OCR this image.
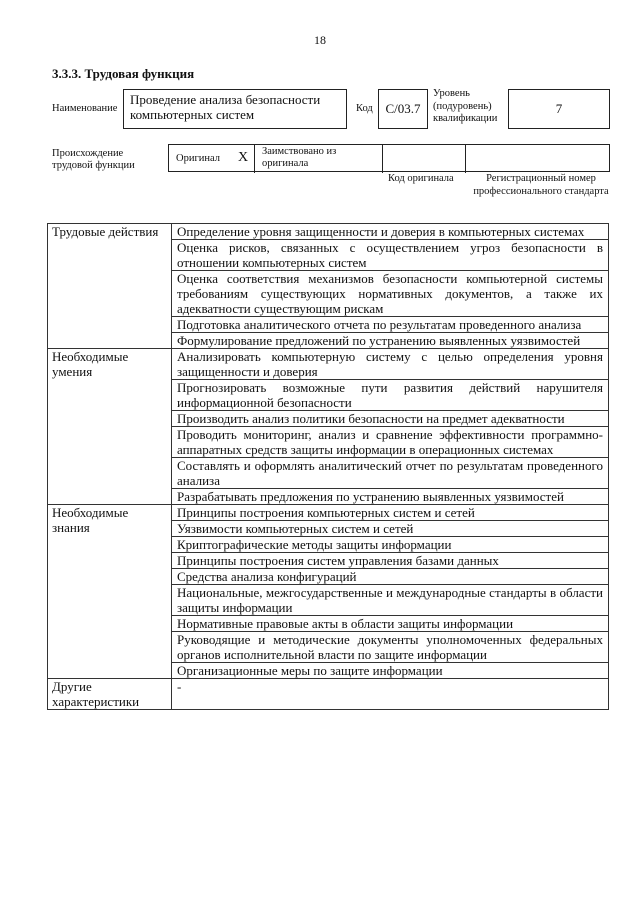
18
3.3.3. Трудовая функция
Наименование
Проведение анализа безопасности компьютерных систем	Код C/03.7
Уровень (подуровень) квалификации
7
Происхождение трудовой функции
Оригинал X Заимствовано из оригинала
Код оригинала	Регистрационный номер профессионального стандарта
Трудовые действия	Определение уровня защищенности и доверия в компьютерных системах
	Оценка рисков, связанных с осуществлением угроз безопасности в отношении компьютерных систем
	Оценка соответствия механизмов безопасности компьютерной системы требованиям существующих нормативных документов, а также их адекватности существующим рискам
	Подготовка аналитического отчета по результатам проведенного анализа
	Формулирование предложений по устранению выявленных уязвимостей
Необходимые умения	Анализировать компьютерную систему с целью определения уровня защищенности и доверия
	Прогнозировать возможные пути развития действий нарушителя информационной безопасности
	Производить анализ политики безопасности на предмет адекватности
	Проводить мониторинг, анализ и сравнение эффективности программно-аппаратных средств защиты информации в операционных системах
	Составлять и оформлять аналитический отчет по результатам проведенного анализа
	Разрабатывать предложения по устранению выявленных уязвимостей
Необходимые знания	Принципы построения компьютерных систем и сетей
	Уязвимости компьютерных систем и сетей
	Криптографические методы защиты информации
	Принципы построения систем управления базами данных
	Средства анализа конфигураций
	Национальные, межгосударственные и международные стандарты в области защиты информации
	Нормативные правовые акты в области защиты информации
	Руководящие и методические документы уполномоченных федеральных органов исполнительной власти по защите информации
	Организационные меры по защите информации
Другие характеристики	-
